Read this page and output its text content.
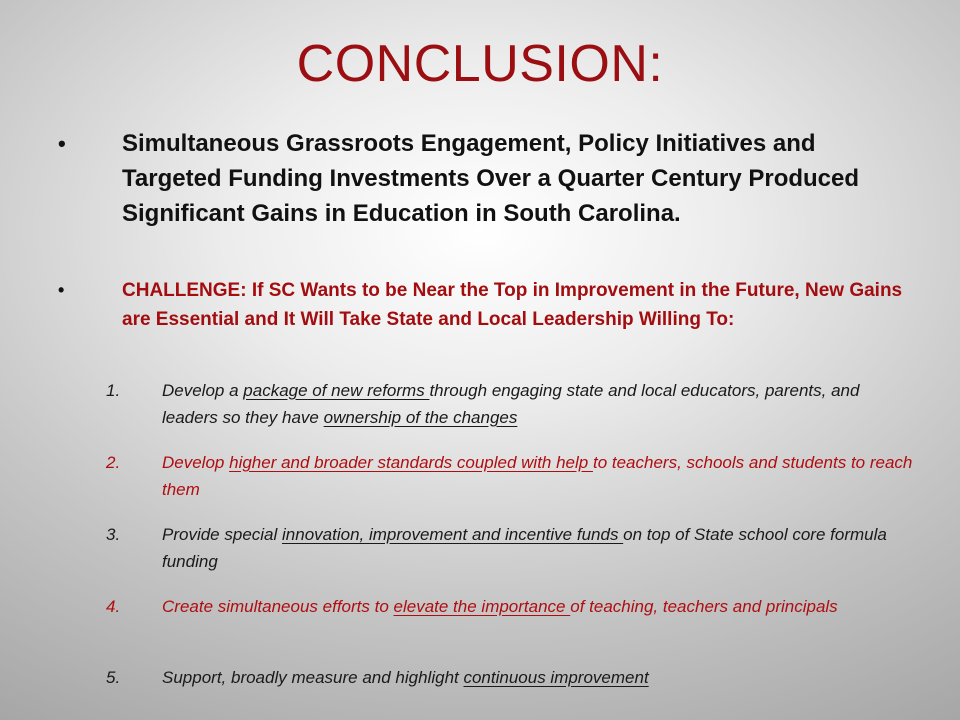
CONCLUSION:
• Simultaneous Grassroots Engagement, Policy Initiatives and Targeted Funding Investments Over a Quarter Century Produced Significant Gains in Education in South Carolina.
•	CHALLENGE: If SC Wants to be Near the Top in Improvement in the Future, New Gains are Essential and It Will Take State and Local Leadership Willing To:
1. Develop a package of new reforms through engaging state and local educators, parents, and leaders so they have ownership of the changes
2. Develop higher and broader standards coupled with help to teachers, schools and students to reach them
3. Provide special innovation, improvement and incentive funds on top of State school core formula funding
4. Create simultaneous efforts to elevate the importance of teaching, teachers and principals
5. Support, broadly measure and highlight continuous improvement
